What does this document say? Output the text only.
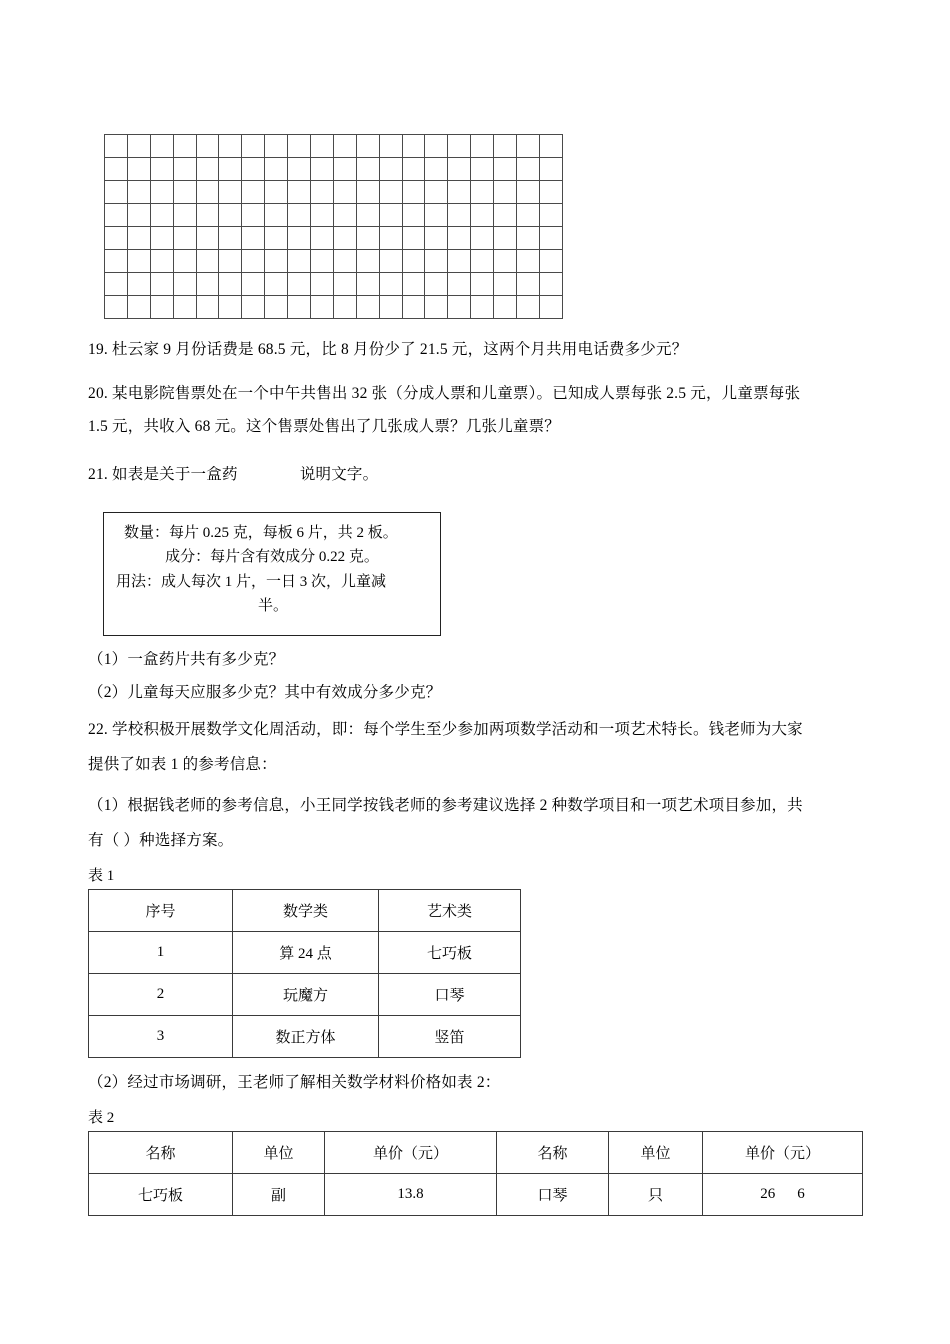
19. 杜云家 9 月份话费是 68.5 元，比 8 月份少了 21.5 元，这两个月共用电话费多少元？
20. 某电影院售票处在一个中午共售出 32 张（分成人票和儿童票）。已知成人票每张 2.5 元，儿童票每张
1.5 元，共收入 68 元。这个售票处售出了几张成人票？几张儿童票？
21. 如表是关于一盒药	说明文字。
数量：每片 0.25 克，每板 6 片，共 2 板。
成分：每片含有效成分 0.22 克。
用法：成人每次 1 片，一日 3 次，儿童减
半。
（1）一盒药片共有多少克？
（2）儿童每天应服多少克？其中有效成分多少克？
22. 学校积极开展数学文化周活动，即：每个学生至少参加两项数学活动和一项艺术特长。钱老师为大家
提供了如表 1 的参考信息：
（1）根据钱老师的参考信息，小王同学按钱老师的参考建议选择 2 种数学项目和一项艺术项目参加，共
有（ ）种选择方案。
表 1
序号	数学类	艺术类
1	算 24 点	七巧板
2	玩魔方	口琴
3	数正方体	竖笛
（2）经过市场调研，王老师了解相关数学材料价格如表 2：
表 2
名称	单位	单价（元）	名称	单位	单价（元）
七巧板	副	13.8	口琴	只	26 6
